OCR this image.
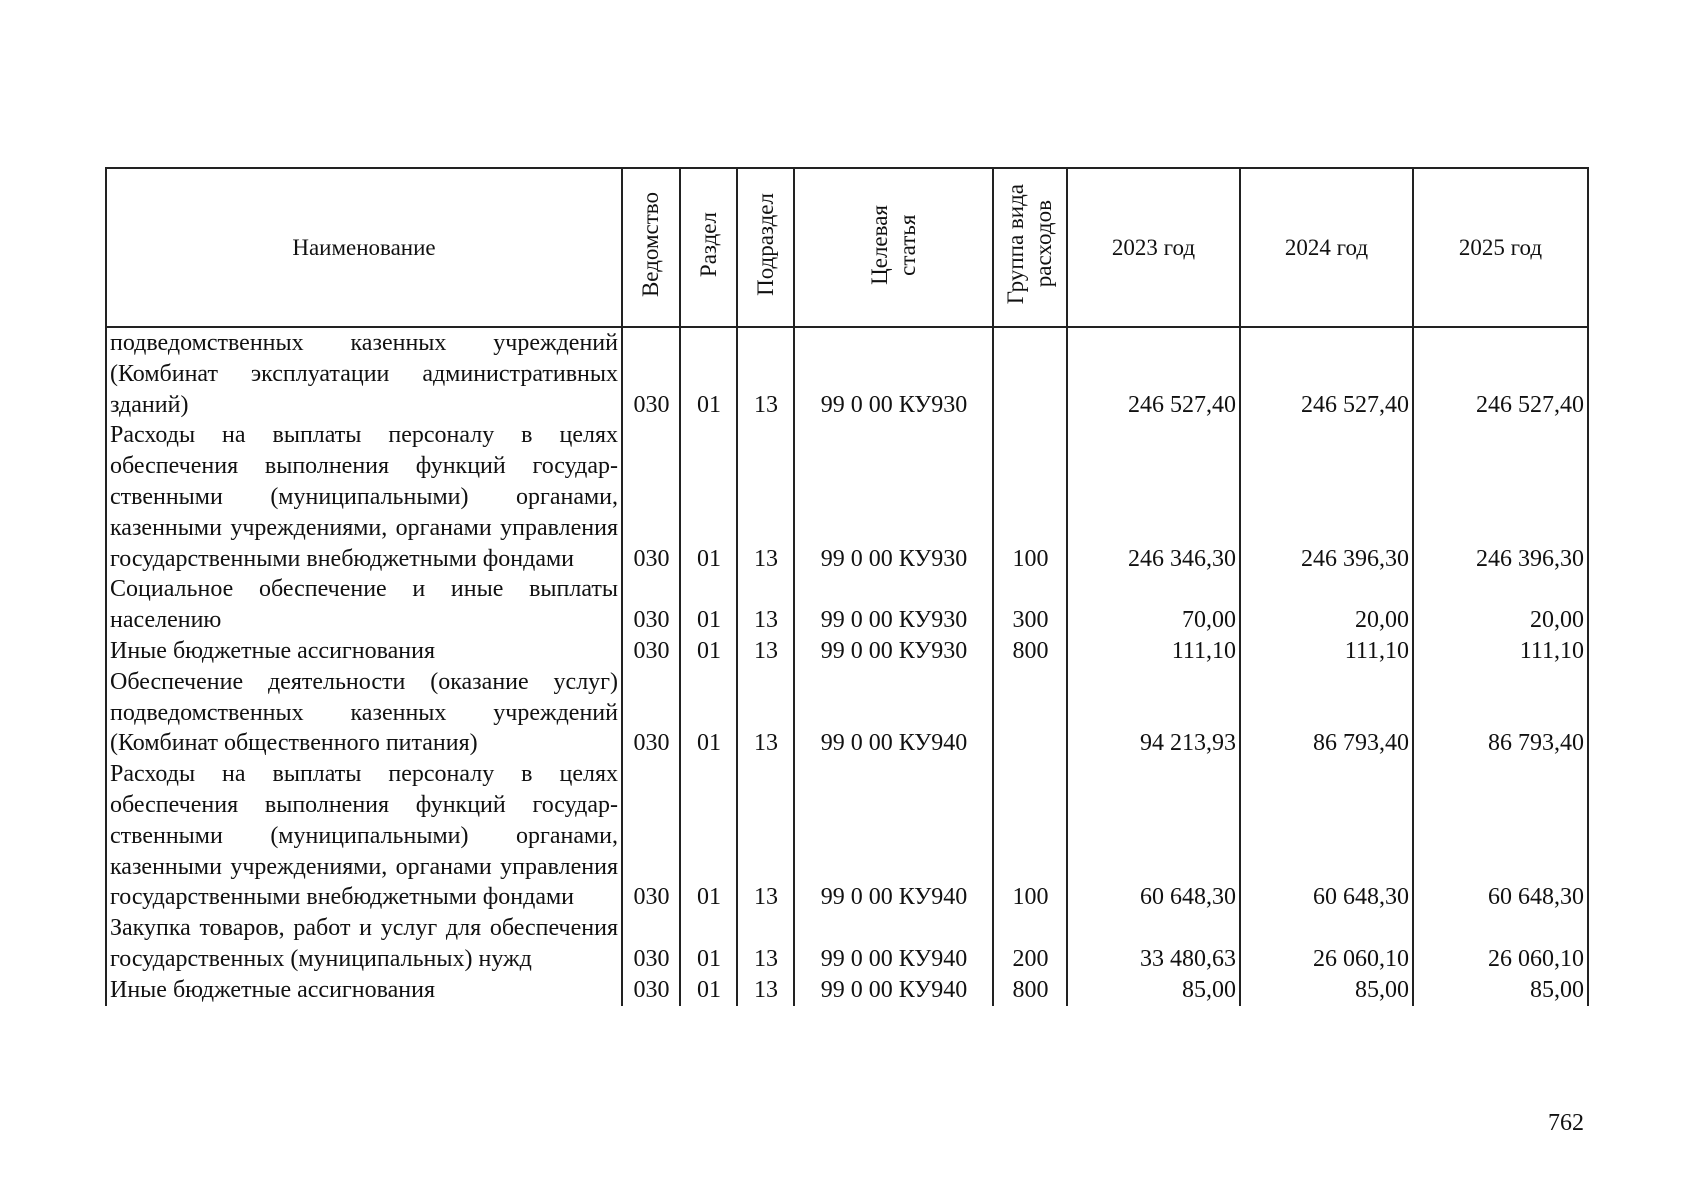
Наименование	Ведомство	Раздел	Подраздел	Целевая статья	Группа вида расходов	2023 год	2024 год	2025 год
подведомственных казенных учреждений (Комбинат эксплуатации административных зданий)	030	01	13	99 0 00 КУ930		246 527,40	246 527,40	246 527,40
Расходы на выплаты персоналу в целях обеспечения выполнения функций государственными (муниципальными) органами, казенными учреждениями, органами управления государственными внебюджетными фондами	030	01	13	99 0 00 КУ930	100	246 346,30	246 396,30	246 396,30
Социальное обеспечение и иные выплаты населению	030	01	13	99 0 00 КУ930	300	70,00	20,00	20,00
Иные бюджетные ассигнования	030	01	13	99 0 00 КУ930	800	111,10	111,10	111,10
Обеспечение деятельности (оказание услуг) подведомственных казенных учреждений (Комбинат общественного питания)	030	01	13	99 0 00 КУ940		94 213,93	86 793,40	86 793,40
Расходы на выплаты персоналу в целях обеспечения выполнения функций государственными (муниципальными) органами, казенными учреждениями, органами управления государственными внебюджетными фондами	030	01	13	99 0 00 КУ940	100	60 648,30	60 648,30	60 648,30
Закупка товаров, работ и услуг для обеспечения государственных (муниципальных) нужд	030	01	13	99 0 00 КУ940	200	33 480,63	26 060,10	26 060,10
Иные бюджетные ассигнования	030	01	13	99 0 00 КУ940	800	85,00	85,00	85,00
762
